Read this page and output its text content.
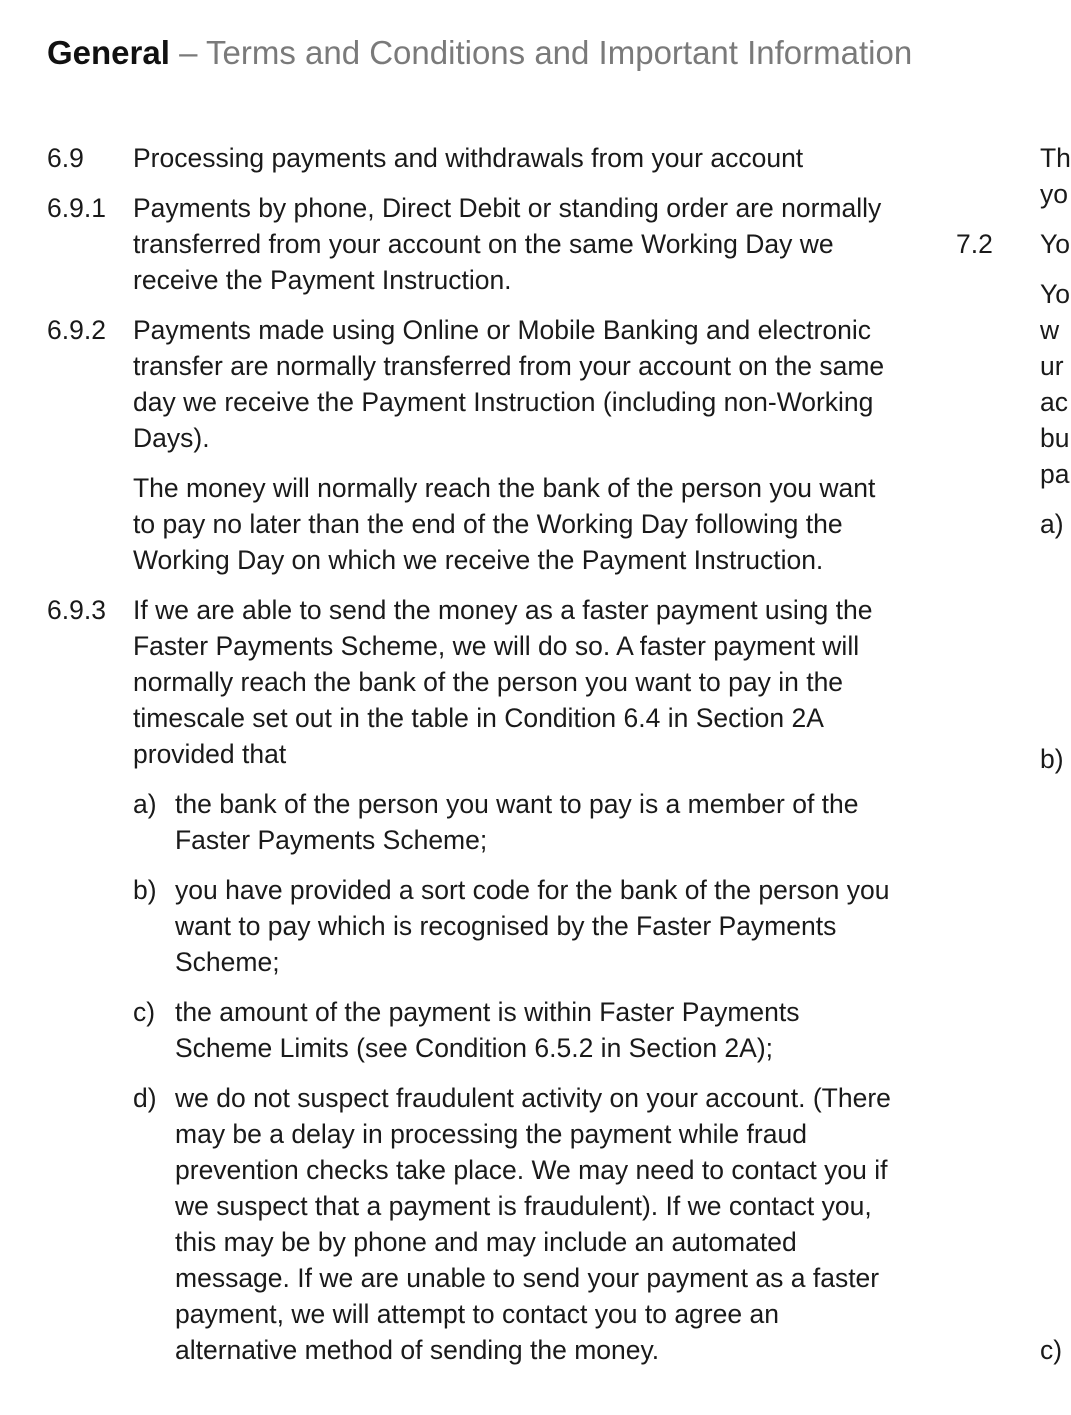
General – Terms and Conditions and Important Information
6.9	Processing payments and withdrawals from your account

6.9.1	Payments by phone, Direct Debit or standing order are normally transferred from your account on the same Working Day we receive the Payment Instruction.

6.9.2	Payments made using Online or Mobile Banking and electronic transfer are normally transferred from your account on the same day we receive the Payment Instruction (including non-Working Days).

The money will normally reach the bank of the person you want to pay no later than the end of the Working Day following the Working Day on which we receive the Payment Instruction.

6.9.3	If we are able to send the money as a faster payment using the Faster Payments Scheme, we will do so. A faster payment will normally reach the bank of the person you want to pay in the timescale set out in the table in Condition 6.4 in Section 2A provided that

a) the bank of the person you want to pay is a member of the Faster Payments Scheme;
b) you have provided a sort code for the bank of the person you want to pay which is recognised by the Faster Payments Scheme;
c) the amount of the payment is within Faster Payments Scheme Limits (see Condition 6.5.2 in Section 2A);
d) we do not suspect fraudulent activity on your account. (There may be a delay in processing the payment while fraud prevention checks take place. We may need to contact you if we suspect that a payment is fraudulent). If we contact you, this may be by phone and may include an automated message. If we are unable to send your payment as a faster payment, we will attempt to contact you to agree an alternative method of sending the money.
7.2
Th
yo
Yo
Yo
w
ur
ac
bu
pa
a)
b)
c)
